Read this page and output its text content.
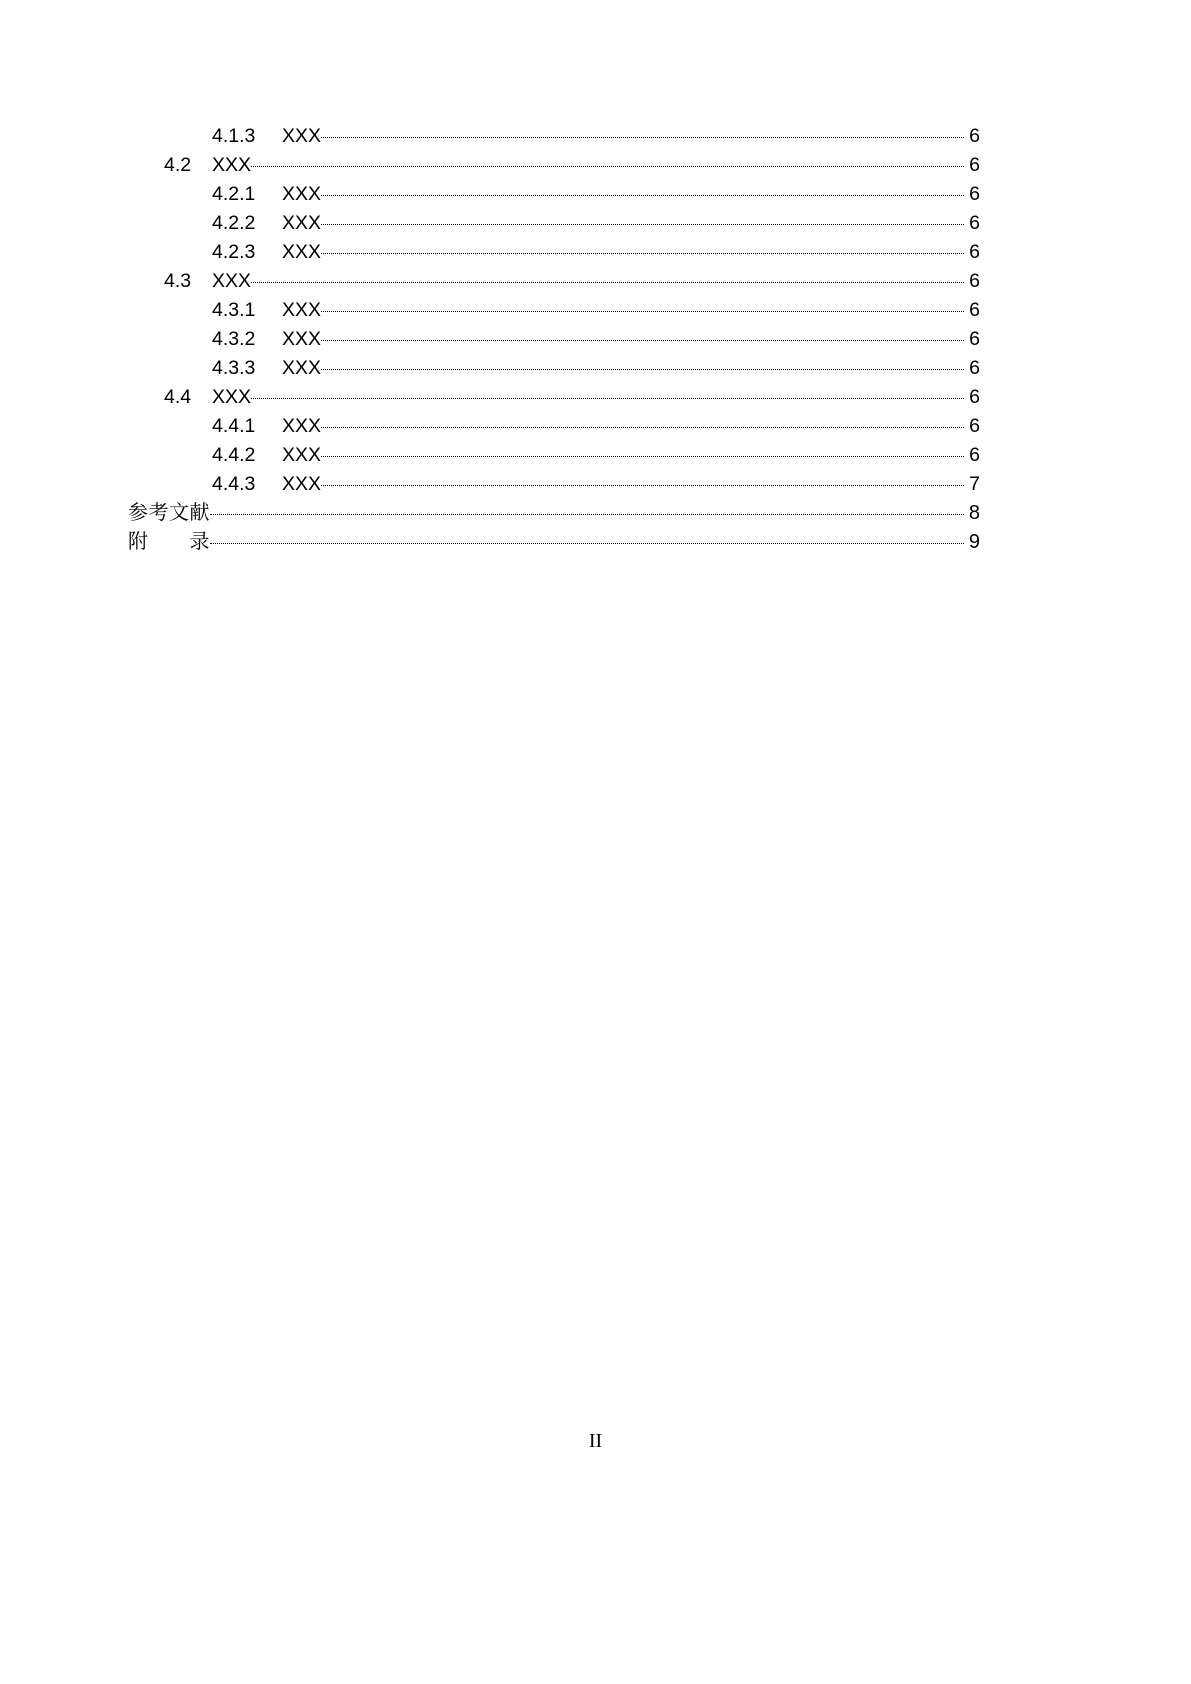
4.1.3	XXX	6
4.2	XXX	6
4.2.1	XXX	6
4.2.2	XXX	6
4.2.3	XXX	6
4.3	XXX	6
4.3.1	XXX	6
4.3.2	XXX	6
4.3.3	XXX	6
4.4	XXX	6
4.4.1	XXX	6
4.4.2	XXX	6
4.4.3	XXX	7
参考文献	8
附　　录	9
II
